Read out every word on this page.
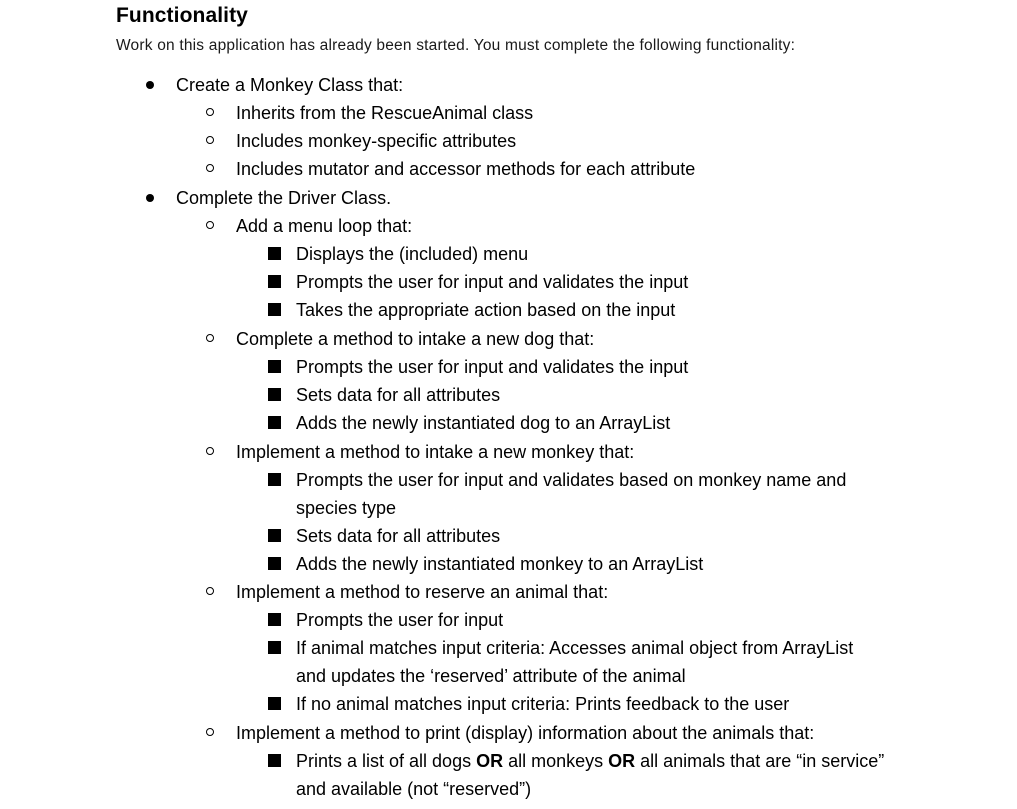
Functionality
Work on this application has already been started. You must complete the following functionality:
Create a Monkey Class that:
Inherits from the RescueAnimal class
Includes monkey-specific attributes
Includes mutator and accessor methods for each attribute
Complete the Driver Class.
Add a menu loop that:
Displays the (included) menu
Prompts the user for input and validates the input
Takes the appropriate action based on the input
Complete a method to intake a new dog that:
Prompts the user for input and validates the input
Sets data for all attributes
Adds the newly instantiated dog to an ArrayList
Implement a method to intake a new monkey that:
Prompts the user for input and validates based on monkey name and
species type
Sets data for all attributes
Adds the newly instantiated monkey to an ArrayList
Implement a method to reserve an animal that:
Prompts the user for input
If animal matches input criteria: Accesses animal object from ArrayList
and updates the ‘reserved’ attribute of the animal
If no animal matches input criteria: Prints feedback to the user
Implement a method to print (display) information about the animals that:
Prints a list of all dogs OR all monkeys OR all animals that are “in service”
and available (not “reserved”)
